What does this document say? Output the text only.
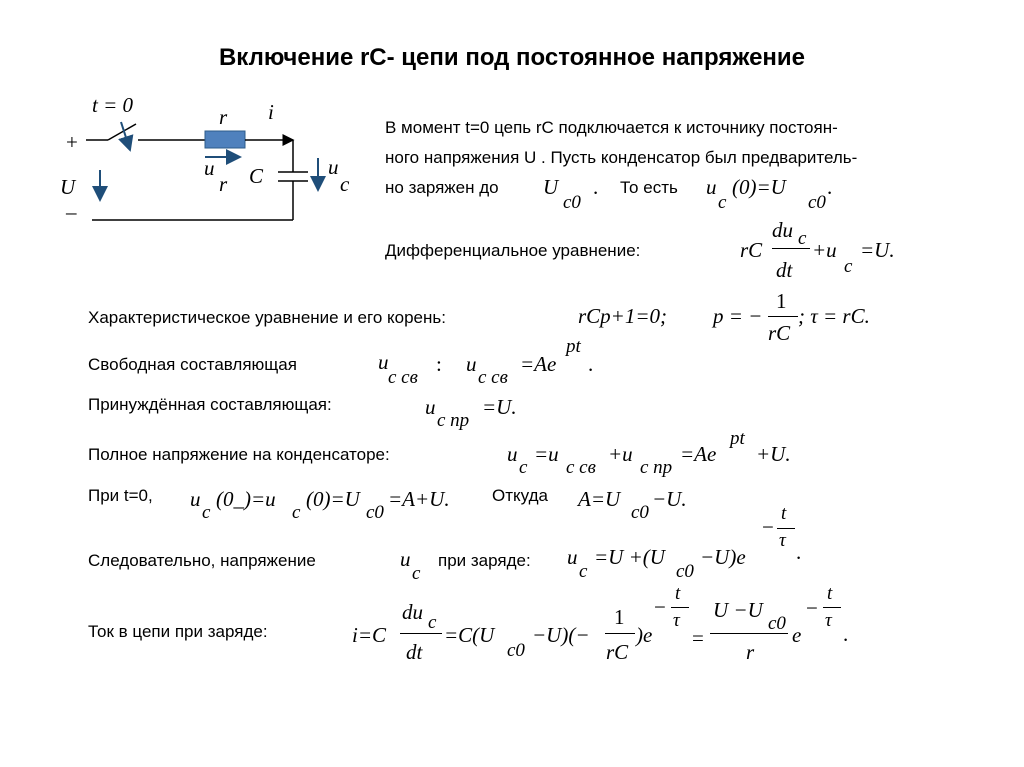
Включение rC- цепи под постоянное напряжение
t = 0
+
U
–
r i
u
r C	u
c
В момент t=0 цепь rC подключается к источнику постоян-
ного напряжения U . Пусть конденсатор был предваритель-
но заряжен до U
c0
. То есть u
c
(0)=U
c0
.
Дифференциальное уравнение:	rC
du c
dt
+u
c
=U.
Характеристическое уравнение и его корень:	rCp+1=0; p = −
1
rC
; τ = rC.
Свободная составляющая	u
c св
: u
c св
=Ae
pt
.
Принуждённая составляющая:	u
c пр
=U.
Полное напряжение на конденсаторе:	u
c
=u
c св
+u
c пр
=Ae
pt
+U.
При t=0, u
c
(0_)=u
c
(0)=U
c0
=A+U. Откуда A=U
c0
−U.
Следовательно, напряжение	u
c
при заряде: u
c
=U +(U
c0
−U)e
−
t
τ .
Ток в цепи при заряде:	i=C
du c
dt
=C(U
c0
−U)(−
1
rC
)e
−
t
τ
=
U −U
c0
r
e
−
t
τ
.
